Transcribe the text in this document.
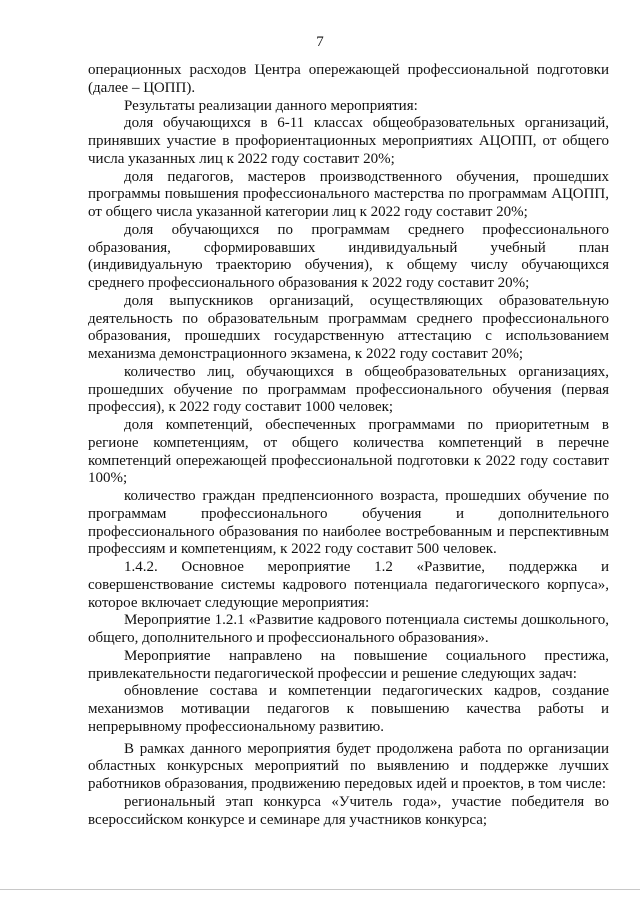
7

операционных расходов Центра опережающей профессиональной подготовки (далее – ЦОПП).

Результаты реализации данного мероприятия:

доля обучающихся в 6-11 классах общеобразовательных организаций, принявших участие в профориентационных мероприятиях АЦОПП, от общего числа указанных лиц к 2022 году составит 20%;

доля педагогов, мастеров производственного обучения, прошедших программы повышения профессионального мастерства по программам АЦОПП, от общего числа указанной категории лиц к 2022 году составит 20%;

доля обучающихся по программам среднего профессионального образования, сформировавших индивидуальный учебный план (индивидуальную траекторию обучения), к общему числу обучающихся среднего профессионального образования к 2022 году составит 20%;

доля выпускников организаций, осуществляющих образовательную деятельность по образовательным программам среднего профессионального образования, прошедших государственную аттестацию с использованием механизма демонстрационного экзамена, к 2022 году составит 20%;

количество лиц, обучающихся в общеобразовательных организациях, прошедших обучение по программам профессионального обучения (первая профессия), к 2022 году составит 1000 человек;

доля компетенций, обеспеченных программами по приоритетным в регионе компетенциям, от общего количества компетенций в перечне компетенций опережающей профессиональной подготовки к 2022 году составит 100%;

количество граждан предпенсионного возраста, прошедших обучение по программам профессионального обучения и дополнительного профессионального образования по наиболее востребованным и перспективным профессиям и компетенциям, к 2022 году составит 500 человек.

1.4.2. Основное мероприятие 1.2 «Развитие, поддержка и совершенствование системы кадрового потенциала педагогического корпуса», которое включает следующие мероприятия:

Мероприятие 1.2.1 «Развитие кадрового потенциала системы дошкольного, общего, дополнительного и профессионального образования».

Мероприятие направлено на повышение социального престижа, привлекательности педагогической профессии и решение следующих задач:

обновление состава и компетенции педагогических кадров, создание механизмов мотивации педагогов к повышению качества работы и непрерывному профессиональному развитию.

В рамках данного мероприятия будет продолжена работа по организации областных конкурсных мероприятий по выявлению и поддержке лучших работников образования, продвижению передовых идей и проектов, в том числе:

региональный этап конкурса «Учитель года», участие победителя во всероссийском конкурсе и семинаре для участников конкурса;
